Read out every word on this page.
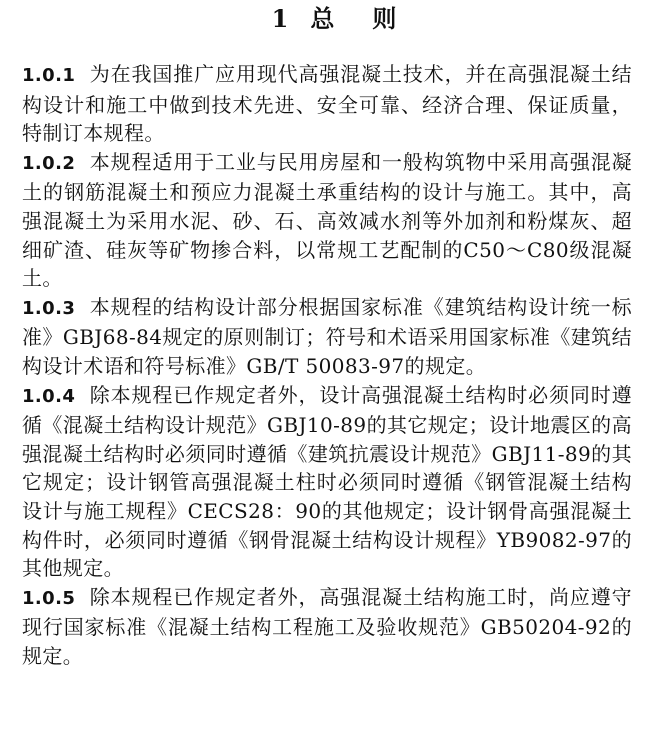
1 总 则

1.0.1 为在我国推广应用现代高强混凝土技术，并在高强混凝土结构设计和施工中做到技术先进、安全可靠、经济合理、保证质量，特制订本规程。

1.0.2 本规程适用于工业与民用房屋和一般构筑物中采用高强混凝土的钢筋混凝土和预应力混凝土承重结构的设计与施工。其中，高强混凝土为采用水泥、砂、石、高效减水剂等外加剂和粉煤灰、超细矿渣、硅灰等矿物掺合料，以常规工艺配制的C50～C80级混凝土。

1.0.3 本规程的结构设计部分根据国家标准《建筑结构设计统一标准》GBJ68-84规定的原则制订；符号和术语采用国家标准《建筑结构设计术语和符号标准》GB/T 50083-97的规定。

1.0.4 除本规程已作规定者外，设计高强混凝土结构时必须同时遵循《混凝土结构设计规范》GBJ10-89的其它规定；设计地震区的高强混凝土结构时必须同时遵循《建筑抗震设计规范》GBJ11-89的其它规定；设计钢管高强混凝土柱时必须同时遵循《钢管混凝土结构设计与施工规程》CECS28：90的其他规定；设计钢骨高强混凝土构件时，必须同时遵循《钢骨混凝土结构设计规程》YB9082-97的其他规定。

1.0.5 除本规程已作规定者外，高强混凝土结构施工时，尚应遵守现行国家标准《混凝土结构工程施工及验收规范》GB50204-92的规定。
